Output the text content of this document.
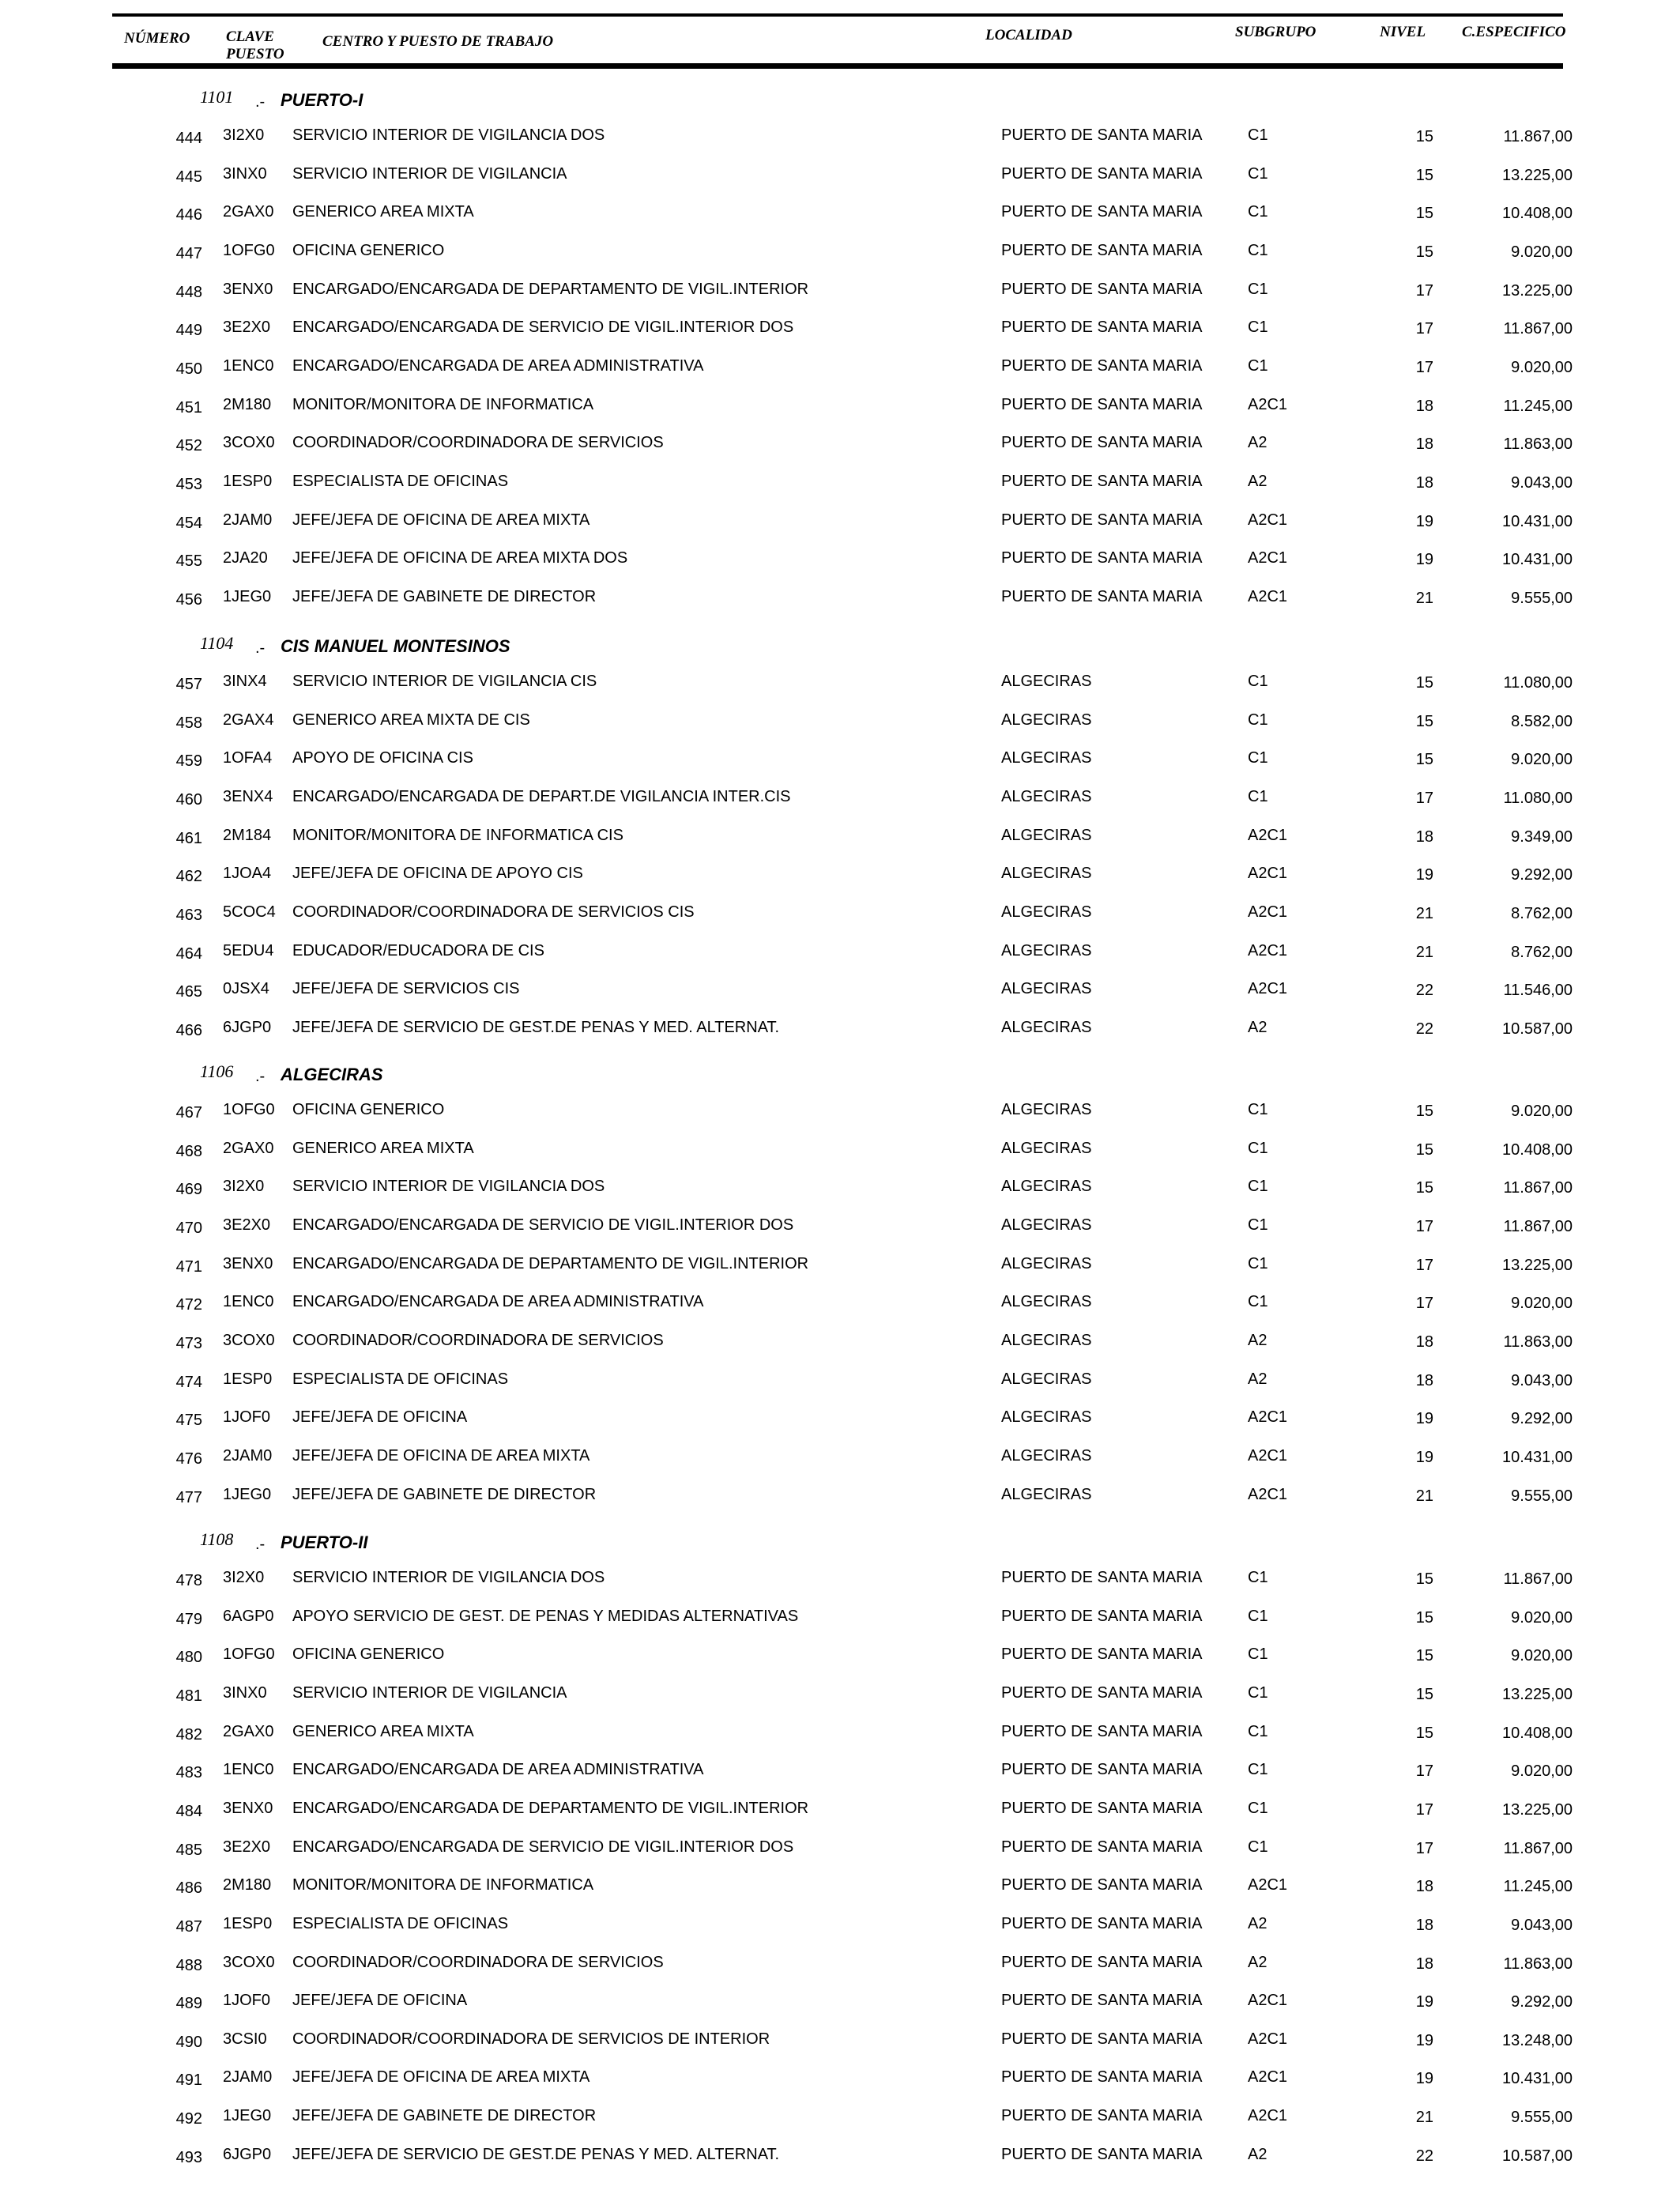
NÚMERO CLAVE
PUESTO
CENTRO Y PUESTO DE TRABAJO	LOCALIDAD	SUBGRUPO	NIVEL C.ESPECIFICO
1101 .- PUERTO-I
444 3I2X0 SERVICIO INTERIOR DE VIGILANCIA DOS	PUERTO DE SANTA MARIA	C1	15	11.867,00
445 3INX0 SERVICIO INTERIOR DE VIGILANCIA	PUERTO DE SANTA MARIA	C1	15	13.225,00
446 2GAX0 GENERICO AREA MIXTA	PUERTO DE SANTA MARIA	C1	15	10.408,00
447 1OFG0 OFICINA GENERICO	PUERTO DE SANTA MARIA	C1	15	9.020,00
448 3ENX0 ENCARGADO/ENCARGADA DE DEPARTAMENTO DE VIGIL.INTERIOR	PUERTO DE SANTA MARIA	C1	17	13.225,00
449 3E2X0 ENCARGADO/ENCARGADA DE SERVICIO DE VIGIL.INTERIOR DOS	PUERTO DE SANTA MARIA	C1	17	11.867,00
450 1ENC0 ENCARGADO/ENCARGADA DE AREA ADMINISTRATIVA	PUERTO DE SANTA MARIA	C1	17	9.020,00
451 2M180 MONITOR/MONITORA DE INFORMATICA	PUERTO DE SANTA MARIA	A2C1	18	11.245,00
452 3COX0 COORDINADOR/COORDINADORA DE SERVICIOS	PUERTO DE SANTA MARIA	A2	18	11.863,00
453 1ESP0 ESPECIALISTA DE OFICINAS	PUERTO DE SANTA MARIA	A2	18	9.043,00
454 2JAM0 JEFE/JEFA DE OFICINA DE AREA MIXTA	PUERTO DE SANTA MARIA	A2C1	19	10.431,00
455 2JA20 JEFE/JEFA DE OFICINA DE AREA MIXTA DOS	PUERTO DE SANTA MARIA	A2C1	19	10.431,00
456 1JEG0 JEFE/JEFA DE GABINETE DE DIRECTOR	PUERTO DE SANTA MARIA	A2C1	21	9.555,00
1104 .- CIS MANUEL MONTESINOS
457 3INX4 SERVICIO INTERIOR DE VIGILANCIA CIS	ALGECIRAS	C1	15	11.080,00
458 2GAX4 GENERICO AREA MIXTA DE CIS	ALGECIRAS	C1	15	8.582,00
459 1OFA4 APOYO DE OFICINA CIS	ALGECIRAS	C1	15	9.020,00
460 3ENX4 ENCARGADO/ENCARGADA DE DEPART.DE VIGILANCIA INTER.CIS	ALGECIRAS	C1	17	11.080,00
461 2M184 MONITOR/MONITORA DE INFORMATICA CIS	ALGECIRAS	A2C1	18	9.349,00
462 1JOA4 JEFE/JEFA DE OFICINA DE APOYO CIS	ALGECIRAS	A2C1	19	9.292,00
463 5COC4 COORDINADOR/COORDINADORA DE SERVICIOS CIS	ALGECIRAS	A2C1	21	8.762,00
464 5EDU4 EDUCADOR/EDUCADORA DE CIS	ALGECIRAS	A2C1	21	8.762,00
465 0JSX4 JEFE/JEFA DE SERVICIOS CIS	ALGECIRAS	A2C1	22	11.546,00
466 6JGP0 JEFE/JEFA DE SERVICIO DE GEST.DE PENAS Y MED. ALTERNAT.	ALGECIRAS	A2	22	10.587,00
1106 .- ALGECIRAS
467 1OFG0 OFICINA GENERICO	ALGECIRAS	C1	15	9.020,00
468 2GAX0 GENERICO AREA MIXTA	ALGECIRAS	C1	15	10.408,00
469 3I2X0 SERVICIO INTERIOR DE VIGILANCIA DOS	ALGECIRAS	C1	15	11.867,00
470 3E2X0 ENCARGADO/ENCARGADA DE SERVICIO DE VIGIL.INTERIOR DOS	ALGECIRAS	C1	17	11.867,00
471 3ENX0 ENCARGADO/ENCARGADA DE DEPARTAMENTO DE VIGIL.INTERIOR	ALGECIRAS	C1	17	13.225,00
472 1ENC0 ENCARGADO/ENCARGADA DE AREA ADMINISTRATIVA	ALGECIRAS	C1	17	9.020,00
473 3COX0 COORDINADOR/COORDINADORA DE SERVICIOS	ALGECIRAS	A2	18	11.863,00
474 1ESP0 ESPECIALISTA DE OFICINAS	ALGECIRAS	A2	18	9.043,00
475 1JOF0 JEFE/JEFA DE OFICINA	ALGECIRAS	A2C1	19	9.292,00
476 2JAM0 JEFE/JEFA DE OFICINA DE AREA MIXTA	ALGECIRAS	A2C1	19	10.431,00
477 1JEG0 JEFE/JEFA DE GABINETE DE DIRECTOR	ALGECIRAS	A2C1	21	9.555,00
1108 .- PUERTO-II
478 3I2X0 SERVICIO INTERIOR DE VIGILANCIA DOS	PUERTO DE SANTA MARIA	C1	15	11.867,00
479 6AGP0 APOYO SERVICIO DE GEST. DE PENAS Y MEDIDAS ALTERNATIVAS	PUERTO DE SANTA MARIA	C1	15	9.020,00
480 1OFG0 OFICINA GENERICO	PUERTO DE SANTA MARIA	C1	15	9.020,00
481 3INX0 SERVICIO INTERIOR DE VIGILANCIA	PUERTO DE SANTA MARIA	C1	15	13.225,00
482 2GAX0 GENERICO AREA MIXTA	PUERTO DE SANTA MARIA	C1	15	10.408,00
483 1ENC0 ENCARGADO/ENCARGADA DE AREA ADMINISTRATIVA	PUERTO DE SANTA MARIA	C1	17	9.020,00
484 3ENX0 ENCARGADO/ENCARGADA DE DEPARTAMENTO DE VIGIL.INTERIOR	PUERTO DE SANTA MARIA	C1	17	13.225,00
485 3E2X0 ENCARGADO/ENCARGADA DE SERVICIO DE VIGIL.INTERIOR DOS	PUERTO DE SANTA MARIA	C1	17	11.867,00
486 2M180 MONITOR/MONITORA DE INFORMATICA	PUERTO DE SANTA MARIA	A2C1	18	11.245,00
487 1ESP0 ESPECIALISTA DE OFICINAS	PUERTO DE SANTA MARIA	A2	18	9.043,00
488 3COX0 COORDINADOR/COORDINADORA DE SERVICIOS	PUERTO DE SANTA MARIA	A2	18	11.863,00
489 1JOF0 JEFE/JEFA DE OFICINA	PUERTO DE SANTA MARIA	A2C1	19	9.292,00
490 3CSI0 COORDINADOR/COORDINADORA DE SERVICIOS DE INTERIOR	PUERTO DE SANTA MARIA	A2C1	19	13.248,00
491 2JAM0 JEFE/JEFA DE OFICINA DE AREA MIXTA	PUERTO DE SANTA MARIA	A2C1	19	10.431,00
492 1JEG0 JEFE/JEFA DE GABINETE DE DIRECTOR	PUERTO DE SANTA MARIA	A2C1	21	9.555,00
493 6JGP0 JEFE/JEFA DE SERVICIO DE GEST.DE PENAS Y MED. ALTERNAT.	PUERTO DE SANTA MARIA	A2	22	10.587,00
